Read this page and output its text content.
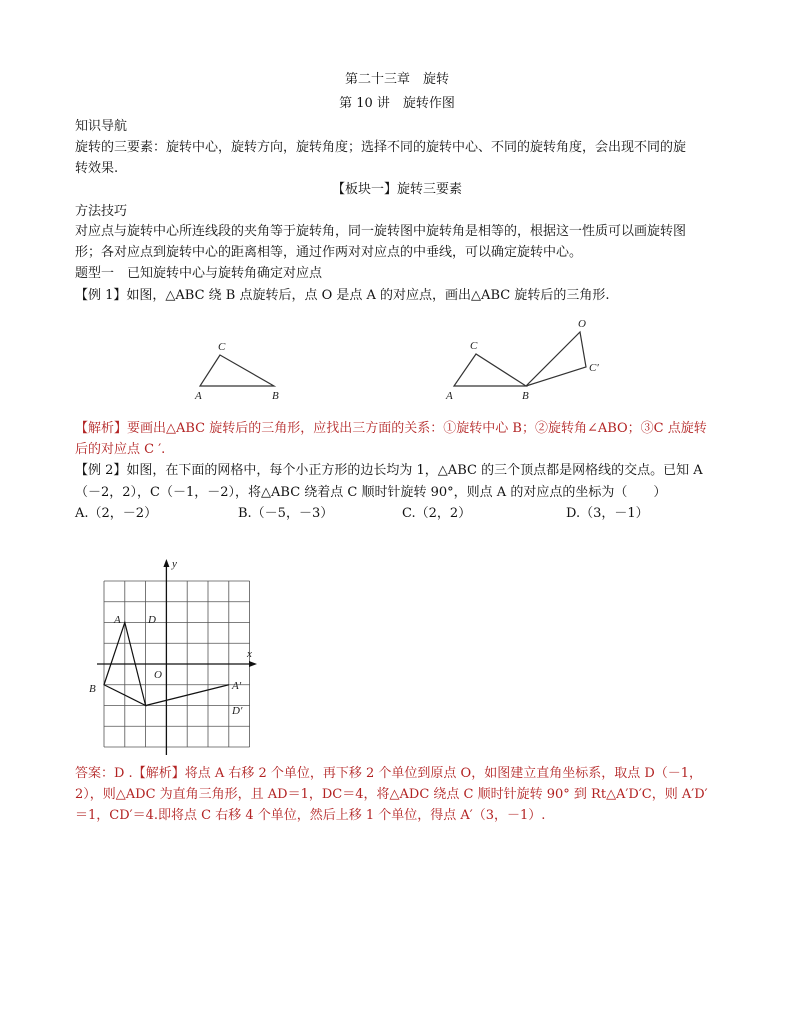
第二十三章　旋转
第 10 讲　旋转作图
知识导航
旋转的三要素：旋转中心，旋转方向，旋转角度；选择不同的旋转中心、不同的旋转角度，会出现不同的旋
转效果.
【板块一】旋转三要素
方法技巧
对应点与旋转中心所连线段的夹角等于旋转角，同一旋转图中旋转角是相等的，根据这一性质可以画旋转图
形；各对应点到旋转中心的距离相等，通过作两对对应点的中垂线，可以确定旋转中心。
题型一　已知旋转中心与旋转角确定对应点
【例 1】如图，△ABC 绕 B 点旋转后，点 O 是点 A 的对应点，画出△ABC 旋转后的三角形.
C
A	B
C
A	B
O
C′
【解析】要画出△ABC 旋转后的三角形，应找出三方面的关系：①旋转中心 B；②旋转角∠ABO；③C 点旋转
后的对应点 C ′.
【例 2】如图，在下面的网格中，每个小正方形的边长均为 1，△ABC 的三个顶点都是网格线的交点。已知 A
（－2，2），C（－1，－2），将△ABC 绕着点 C 顺时针旋转 90°，则点 A 的对应点的坐标为（　　）
A.（2，－2）	B.（－5，－3）	C.（2，2）	D.（3，－1）
y
x
A D
O
B	A′
D′
答案：D .【解析】将点 A 右移 2 个单位，再下移 2 个单位到原点 O，如图建立直角坐标系，取点 D（－1，
2），则△ADC 为直角三角形，且 AD＝1，DC＝4，将△ADC 绕点 C 顺时针旋转 90° 到 Rt△A′D′C，则 A′D′
＝1，CD′＝4.即将点 C 右移 4 个单位，然后上移 1 个单位，得点 A′（3，－1）.
